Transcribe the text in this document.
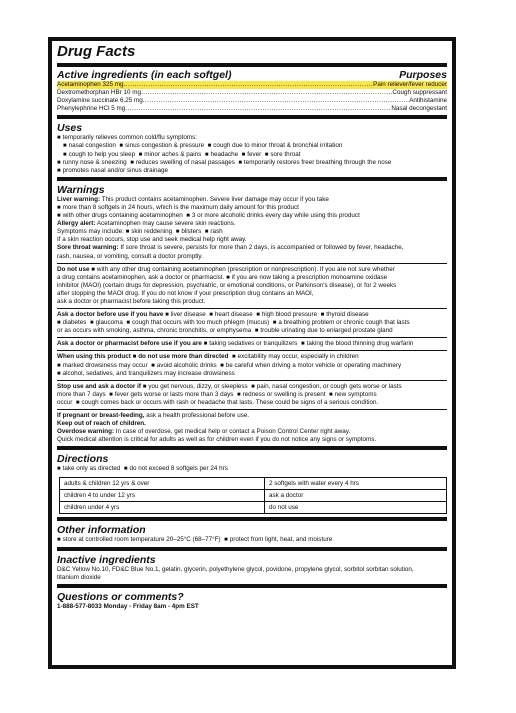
Drug Facts
Active ingredients (in each softgel)	Purposes
Acetaminophen 325 mg .....	Pain reliever/fever reducer
Dextromethorphan HBr 10 mg .....	Cough suppressant
Doxylamine succinate 6.25 mg .....	Antihistamine
Phenylephrine HCl 5 mg .....	Nasal decongestant
Uses
■ temporarily relieves common cold/flu symptoms:
■ nasal congestion ■ sinus congestion & pressure ■ cough due to minor throat & bronchial irritation
■ cough to help you sleep ■ minor aches & pains ■ headache ■ fever ■ sore throat
■ runny nose & sneezing ■ reduces swelling of nasal passages ■ temporarily restores freer breathing through the nose
■ promotes nasal and/or sinus drainage
Warnings
Liver warning: This product contains acetaminophen. Severe liver damage may occur if you take
■ more than 8 softgels in 24 hours, which is the maximum daily amount for this product
■ with other drugs containing acetaminophen ■ 3 or more alcoholic drinks every day while using this product
Allergy alert: Acetaminophen may cause severe skin reactions.
Symptoms may include: ■ skin reddening ■ blisters ■ rash
If a skin reaction occurs, stop use and seek medical help right away.
Sore throat warning: If sore throat is severe, persists for more than 2 days, is accompanied or followed by fever, headache,
rash, nausea, or vomiting, consult a doctor promptly.
Do not use ■ with any other drug containing acetaminophen (prescription or nonprescription). If you are not sure whether
a drug contains acetaminophen, ask a doctor or pharmacist. ■ if you are now taking a prescription monoamine oxidase
inhibitor (MAOI) (certain drugs for depression, psychiatric, or emotional conditions, or Parkinson's disease), or for 2 weeks
after stopping the MAOI drug. If you do not know if your prescription drug contains an MAOI,
ask a doctor or pharmacist before taking this product.
Ask a doctor before use if you have ■ liver disease ■ heart disease ■ high blood pressure ■ thyroid disease
■ diabetes ■ glaucoma ■ cough that occurs with too much phlegm (mucus) ■ a breathing problem or chronic cough that lasts
or as occurs with smoking, asthma, chronic bronchitis, or emphysema ■ trouble urinating due to enlarged prostate gland
Ask a doctor or pharmacist before use if you are ■ taking sedatives or tranquilizers ■ taking the blood thinning drug warfarin
When using this product ■ do not use more than directed ■ excitability may occur, especially in children
■ marked drowsiness may occur ■ avoid alcoholic drinks ■ be careful when driving a motor vehicle or operating machinery
■ alcohol, sedatives, and tranquilizers may increase drowsiness
Stop use and ask a doctor if ■ you get nervous, dizzy, or sleepless ■ pain, nasal congestion, or cough gets worse or lasts
more than 7 days ■ fever gets worse or lasts more than 3 days ■ redness or swelling is present ■ new symptoms
occur ■ cough comes back or occurs with rash or headache that lasts. These could be signs of a serious condition.
If pregnant or breast-feeding, ask a health professional before use.
Keep out of reach of children.
Overdose warning: In case of overdose, get medical help or contact a Poison Control Center right away.
Quick medical attention is critical for adults as well as for children even if you do not notice any signs or symptoms.
Directions
■ take only as directed ■ do not exceed 8 softgels per 24 hrs
adults & children 12 yrs & over	2 softgels with water every 4 hrs
children 4 to under 12 yrs	ask a doctor
children under 4 yrs	do not use
Other information
■ store at controlled room temperature 20–25°C (68–77°F) ■ protect from light, heat, and moisture
Inactive ingredients
D&C Yellow No.10, FD&C Blue No.1, gelatin, glycerin, polyethylene glycol, povidone, propylene glycol, sorbitol sorbitan solution,
titanium dioxide
Questions or comments?
1-888-577-8033 Monday - Friday 8am - 4pm EST
